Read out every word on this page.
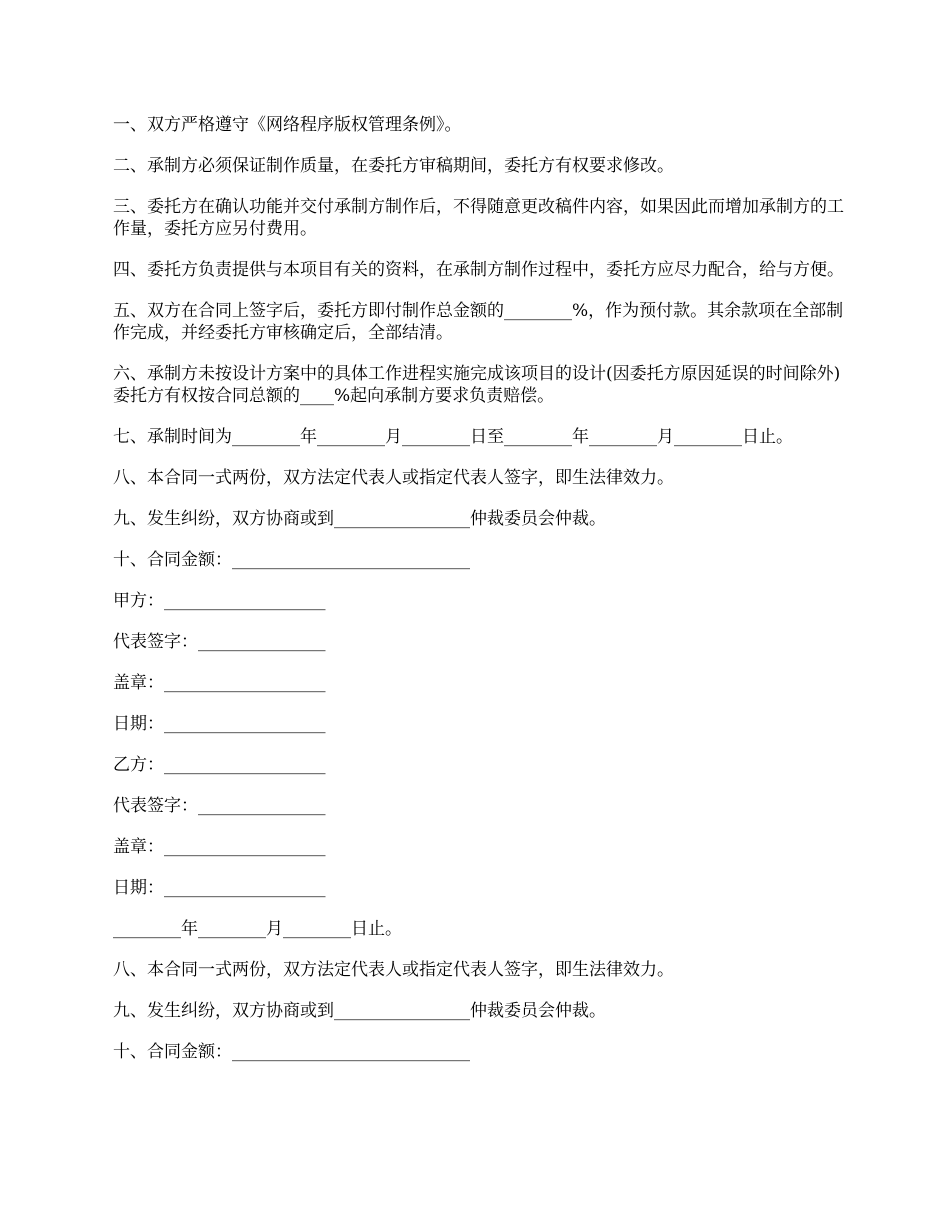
一、双方严格遵守《网络程序版权管理条例》。

二、承制方必须保证制作质量，在委托方审稿期间，委托方有权要求修改。

三、委托方在确认功能并交付承制方制作后，不得随意更改稿件内容，如果因此而增加承制方的工作量，委托方应另付费用。

四、委托方负责提供与本项目有关的资料，在承制方制作过程中，委托方应尽力配合，给与方便。

五、双方在合同上签字后，委托方即付制作总金额的________%，作为预付款。其余款项在全部制作完成，并经委托方审核确定后，全部结清。

六、承制方未按设计方案中的具体工作进程实施完成该项目的设计(因委托方原因延误的时间除外)委托方有权按合同总额的____%起向承制方要求负责赔偿。

七、承制时间为________年________月________日至________年________月________日止。

八、本合同一式两份，双方法定代表人或指定代表人签字，即生法律效力。

九、发生纠纷，双方协商或到________________仲裁委员会仲裁。

十、合同金额：____________________________

甲方：___________________

代表签字：_______________

盖章：___________________

日期：___________________

乙方：___________________

代表签字：_______________

盖章：___________________

日期：___________________

________年________月________日止。

八、本合同一式两份，双方法定代表人或指定代表人签字，即生法律效力。

九、发生纠纷，双方协商或到________________仲裁委员会仲裁。

十、合同金额：____________________________
